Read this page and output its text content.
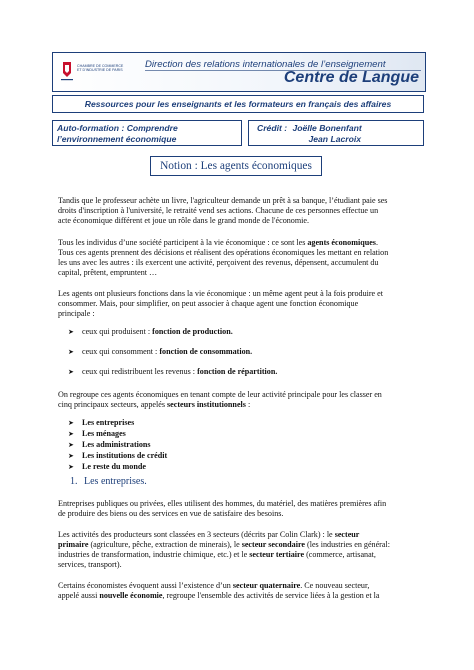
CHAMBRE DE COMMERCE
ET D'INDUSTRIE DE PARIS
Direction des relations internationales de l’enseignement
Centre de Langue
Ressources pour les enseignants et les formateurs en français des affaires
Auto-formation : Comprendre
l’environnement économique
Crédit : Joëlle Bonenfant
Jean Lacroix
Notion : Les agents économiques
Tandis que le professeur achète un livre, l'agriculteur demande un prêt à sa banque, l’étudiant paie ses
droits d'inscription à l'université, le retraité vend ses actions. Chacune de ces personnes effectue un
acte économique différent et joue un rôle dans le grand monde de l'économie.
Tous les individus d’une société participent à la vie économique : ce sont les agents économiques.
Tous ces agents prennent des décisions et réalisent des opérations économiques les mettant en relation
les uns avec les autres : ils exercent une activité, perçoivent des revenus, dépensent, accumulent du
capital, prêtent, empruntent …
Les agents ont plusieurs fonctions dans la vie économique : un même agent peut à la fois produire et
consommer. Mais, pour simplifier, on peut associer à chaque agent une fonction économique
principale :
➤ ceux qui produisent : fonction de production.
➤ ceux qui consomment : fonction de consommation.
➤ ceux qui redistribuent les revenus : fonction de répartition.
On regroupe ces agents économiques en tenant compte de leur activité principale pour les classer en
cinq principaux secteurs, appelés secteurs institutionnels :
➤ Les entreprises
➤ Les ménages
➤ Les administrations
➤ Les institutions de crédit
➤ Le reste du monde
1. Les entreprises.
Entreprises publiques ou privées, elles utilisent des hommes, du matériel, des matières premières afin
de produire des biens ou des services en vue de satisfaire des besoins.
Les activités des producteurs sont classées en 3 secteurs (décrits par Colin Clark) : le secteur
primaire (agriculture, pêche, extraction de minerais), le secteur secondaire (les industries en général:
industries de transformation, industrie chimique, etc.) et le secteur tertiaire (commerce, artisanat,
services, transport).
Certains économistes évoquent aussi l’existence d’un secteur quaternaire. Ce nouveau secteur,
appelé aussi nouvelle économie, regroupe l'ensemble des activités de service liées à la gestion et la
